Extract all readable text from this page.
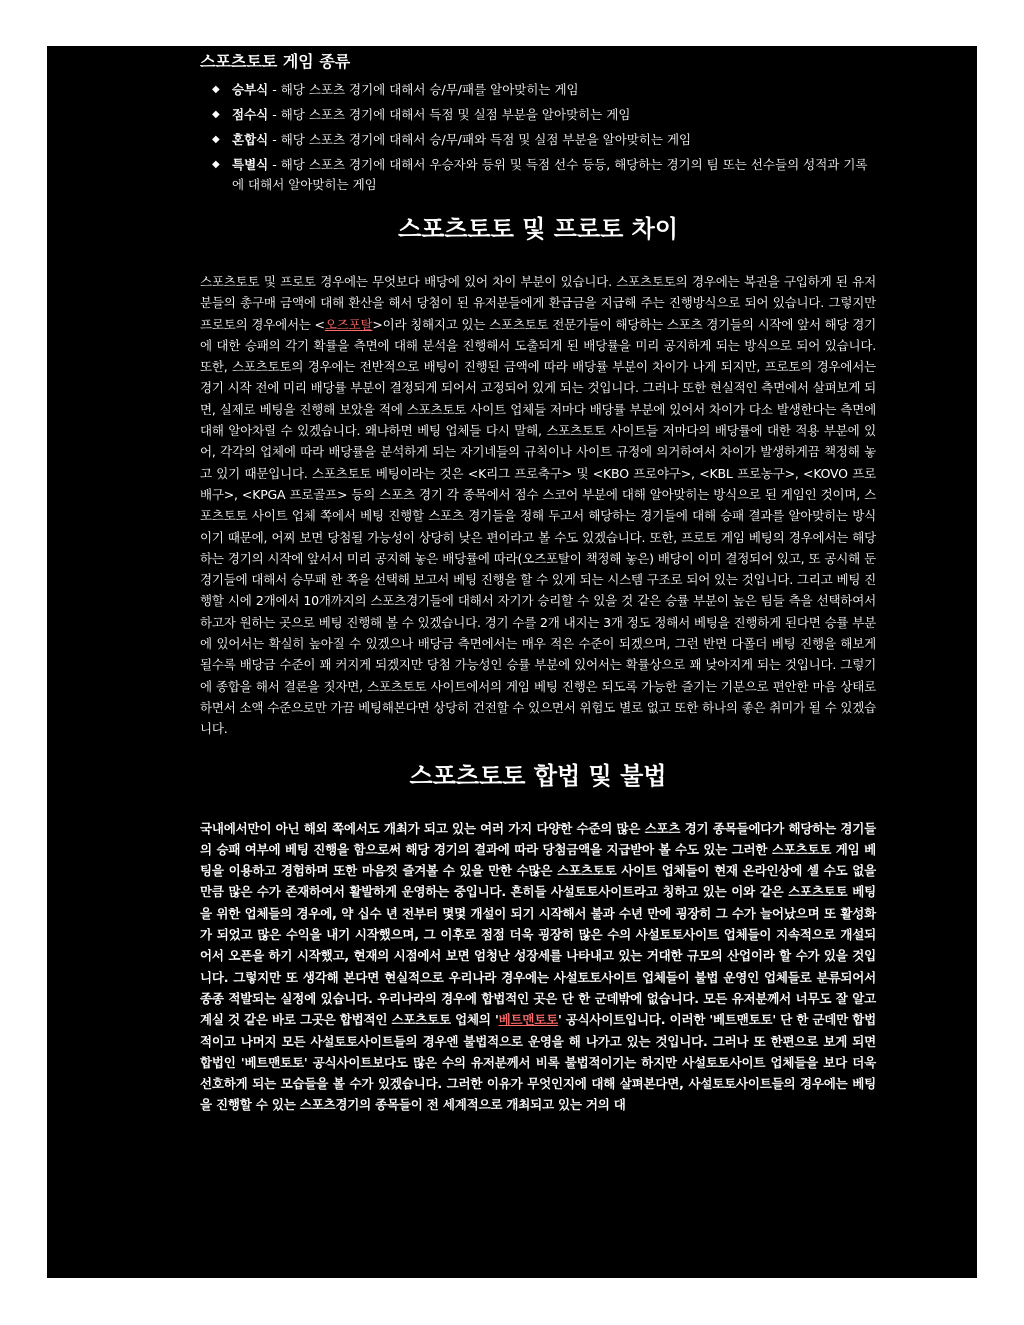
스포츠토토 게임 종류
◆ 승부식 - 해당 스포츠 경기에 대해서 승/무/패를 알아맞히는 게임
◆ 점수식 - 해당 스포츠 경기에 대해서 득점 및 실점 부분을 알아맞히는 게임
◆ 혼합식 - 해당 스포츠 경기에 대해서 승/무/패와 득점 및 실점 부분을 알아맞히는 게임
◆ 특별식 - 해당 스포츠 경기에 대해서 우승자와 등위 및 득점 선수 등등, 해당하는 경기의 팀 또는 선수들의 성적과 기록에 대해서 알아맞히는 게임
스포츠토토 및 프로토 차이

스포츠토토 및 프로토 경우에는 무엇보다 배당에 있어 차이 부분이 있습니다. 스포츠토토의 경우에는 복권을 구입하게 된 유저분들의 총구매 금액에 대해 환산을 해서 당첨이 된 유저분들에게 환급금을 지급해 주는 진행방식으로 되어 있습니다. 그렇지만 프로토의 경우에서는 <오즈포탈>이라 칭해지고 있는 스포츠토토 전문가들이 해당하는 스포츠 경기들의 시작에 앞서 해당 경기에 대한 승패의 각기 확률을 측면에 대해 분석을 진행해서 도출되게 된 배당률을 미리 공지하게 되는 방식으로 되어 있습니다. 또한, 스포츠토토의 경우에는 전반적으로 배팅이 진행된 금액에 따라 배당률 부분이 차이가 나게 되지만, 프로토의 경우에서는 경기 시작 전에 미리 배당률 부분이 결정되게 되어서 고정되어 있게 되는 것입니다. 그러나 또한 현실적인 측면에서 살펴보게 되면, 실제로 베팅을 진행해 보았을 적에 스포츠토토 사이트 업체들 저마다 배당률 부분에 있어서 차이가 다소 발생한다는 측면에 대해 알아차릴 수 있겠습니다. 왜냐하면 베팅 업체들 다시 말해, 스포츠토토 사이트들 저마다의 배당률에 대한 적용 부분에 있어, 각각의 업체에 따라 배당률을 분석하게 되는 자기네들의 규칙이나 사이트 규정에 의거하여서 차이가 발생하게끔 책정해 놓고 있기 때문입니다. 스포츠토토 베팅이라는 것은 <K리그 프로축구> 및 <KBO 프로야구>, <KBL 프로농구>, <KOVO 프로배구>, <KPGA 프로골프> 등의 스포츠 경기 각 종목에서 점수 스코어 부분에 대해 알아맞히는 방식으로 된 게임인 것이며, 스포츠토토 사이트 업체 쪽에서 베팅 진행할 스포츠 경기들을 정해 두고서 해당하는 경기들에 대해 승패 결과를 알아맞히는 방식이기 때문에, 어찌 보면 당첨될 가능성이 상당히 낮은 편이라고 볼 수도 있겠습니다. 또한, 프로토 게임 베팅의 경우에서는 해당하는 경기의 시작에 앞서서 미리 공지해 놓은 배당률에 따라(오즈포탈이 책정해 놓은) 배당이 이미 결정되어 있고, 또 공시해 둔 경기들에 대해서 승무패 한 쪽을 선택해 보고서 베팅 진행을 할 수 있게 되는 시스템 구조로 되어 있는 것입니다. 그리고 베팅 진행할 시에 2개에서 10개까지의 스포츠경기들에 대해서 자기가 승리할 수 있을 것 같은 승률 부분이 높은 팀들 측을 선택하여서 하고자 원하는 곳으로 베팅 진행해 볼 수 있겠습니다. 경기 수를 2개 내지는 3개 정도 정해서 베팅을 진행하게 된다면 승률 부분에 있어서는 확실히 높아질 수 있겠으나 배당금 측면에서는 매우 적은 수준이 되겠으며, 그런 반면 다폴더 베팅 진행을 해보게 될수록 배당금 수준이 꽤 커지게 되겠지만 당첨 가능성인 승률 부분에 있어서는 확률상으로 꽤 낮아지게 되는 것입니다. 그렇기에 종합을 해서 결론을 짓자면, 스포츠토토 사이트에서의 게임 베팅 진행은 되도록 가능한 즐기는 기분으로 편안한 마음 상태로 하면서 소액 수준으로만 가끔 베팅해본다면 상당히 건전할 수 있으면서 위험도 별로 없고 또한 하나의 좋은 취미가 될 수 있겠습니다.

스포츠토토 합법 및 불법

국내에서만이 아닌 해외 쪽에서도 개최가 되고 있는 여러 가지 다양한 수준의 많은 스포츠 경기 종목들에다가 해당하는 경기들의 승패 여부에 베팅 진행을 함으로써 해당 경기의 결과에 따라 당첨금액을 지급받아 볼 수도 있는 그러한 스포츠토토 게임 베팅을 이용하고 경험하며 또한 마음껏 즐겨볼 수 있을 만한 수많은 스포츠토토 사이트 업체들이 현재 온라인상에 셀 수도 없을 만큼 많은 수가 존재하여서 활발하게 운영하는 중입니다. 흔히들 사설토토사이트라고 칭하고 있는 이와 같은 스포츠토토 베팅을 위한 업체들의 경우에, 약 십수 년 전부터 몇몇 개설이 되기 시작해서 불과 수년 만에 굉장히 그 수가 늘어났으며 또 활성화가 되었고 많은 수익을 내기 시작했으며, 그 이후로 점점 더욱 굉장히 많은 수의 사설토토사이트 업체들이 지속적으로 개설되어서 오픈을 하기 시작했고, 현재의 시점에서 보면 엄청난 성장세를 나타내고 있는 거대한 규모의 산업이라 할 수가 있을 것입니다. 그렇지만 또 생각해 본다면 현실적으로 우리나라 경우에는 사설토토사이트 업체들이 불법 운영인 업체들로 분류되어서 종종 적발되는 실정에 있습니다. 우리나라의 경우에 합법적인 곳은 단 한 군데밖에 없습니다. 모든 유저분께서 너무도 잘 알고 계실 것 같은 바로 그곳은 합법적인 스포츠토토 업체의 '베트맨토토' 공식사이트입니다. 이러한 '베트맨토토' 단 한 군데만 합법적이고 나머지 모든 사설토토사이트들의 경우엔 불법적으로 운영을 해 나가고 있는 것입니다. 그러나 또 한편으로 보게 되면 합법인 '베트맨토토' 공식사이트보다도 많은 수의 유저분께서 비록 불법적이기는 하지만 사설토토사이트 업체들을 보다 더욱 선호하게 되는 모습들을 볼 수가 있겠습니다. 그러한 이유가 무엇인지에 대해 살펴본다면, 사설토토사이트들의 경우에는 베팅을 진행할 수 있는 스포츠경기의 종목들이 전 세계적으로 개최되고 있는 거의 대
